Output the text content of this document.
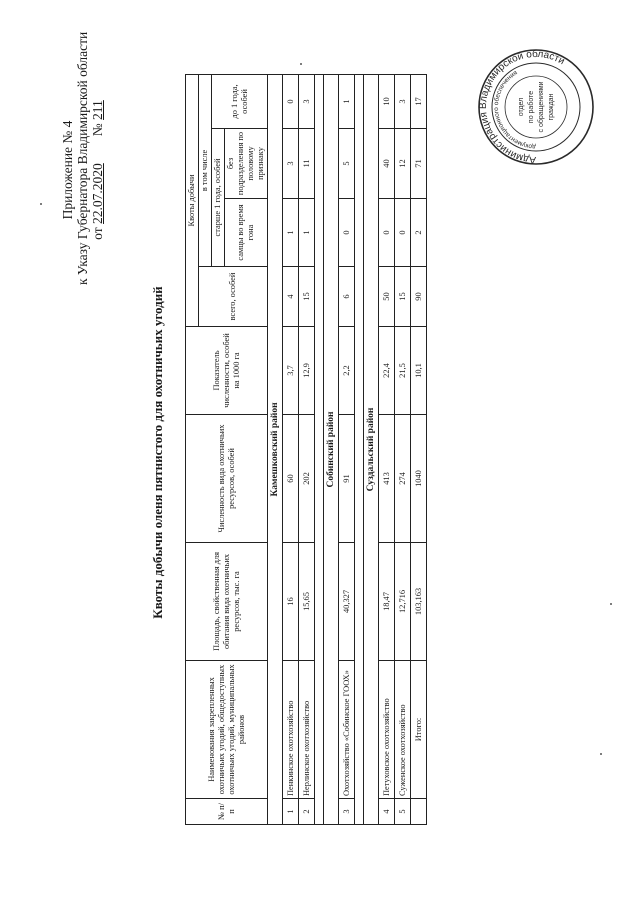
Приложение № 4 к Указу Губернатора Владимирской области от 22.07.2020        № 211
Квоты добычи оленя пятнистого для охотничьих угодий
№ п/п	Наименования закрепленных охотничьих угодий, общедоступных охотничьих угодий, муниципальных районов	Площадь, свойственная для обитания вида охотничьих ресурсов, тыс. га	Численность вида охотничьих ресурсов, особей	Показатель численности, особей на 1000 га	Квоты добычи			
					всего, особей	в том числе		
						старше 1 года, особей		до 1 года, особей
						самцы во время гона	без подразделения по половому признаку	
Камешковский район								
1	Пенкинское охотхозяйство	16	60	3,7	4	1	3	0
2	Нерлинское охотхозяйство	15,65	202	12,9	15	1	11	3

Собинский район								
3	Охотхозяйство «Собинское ГООХ»	40,327	91	2,2	6	0	5	1

Суздальский район								
4	Петуховское охотхозяйство	18,47	413	22,4	50	0	40	10
5	Суженское охотхозяйство	12,716	274	21,5	15	0	12	3
	Итого:	103,163	1040	10,1	90	2	71	17
Администрация Владимирской области
документационного обеспечения
отдел по работе с обращениями граждан
